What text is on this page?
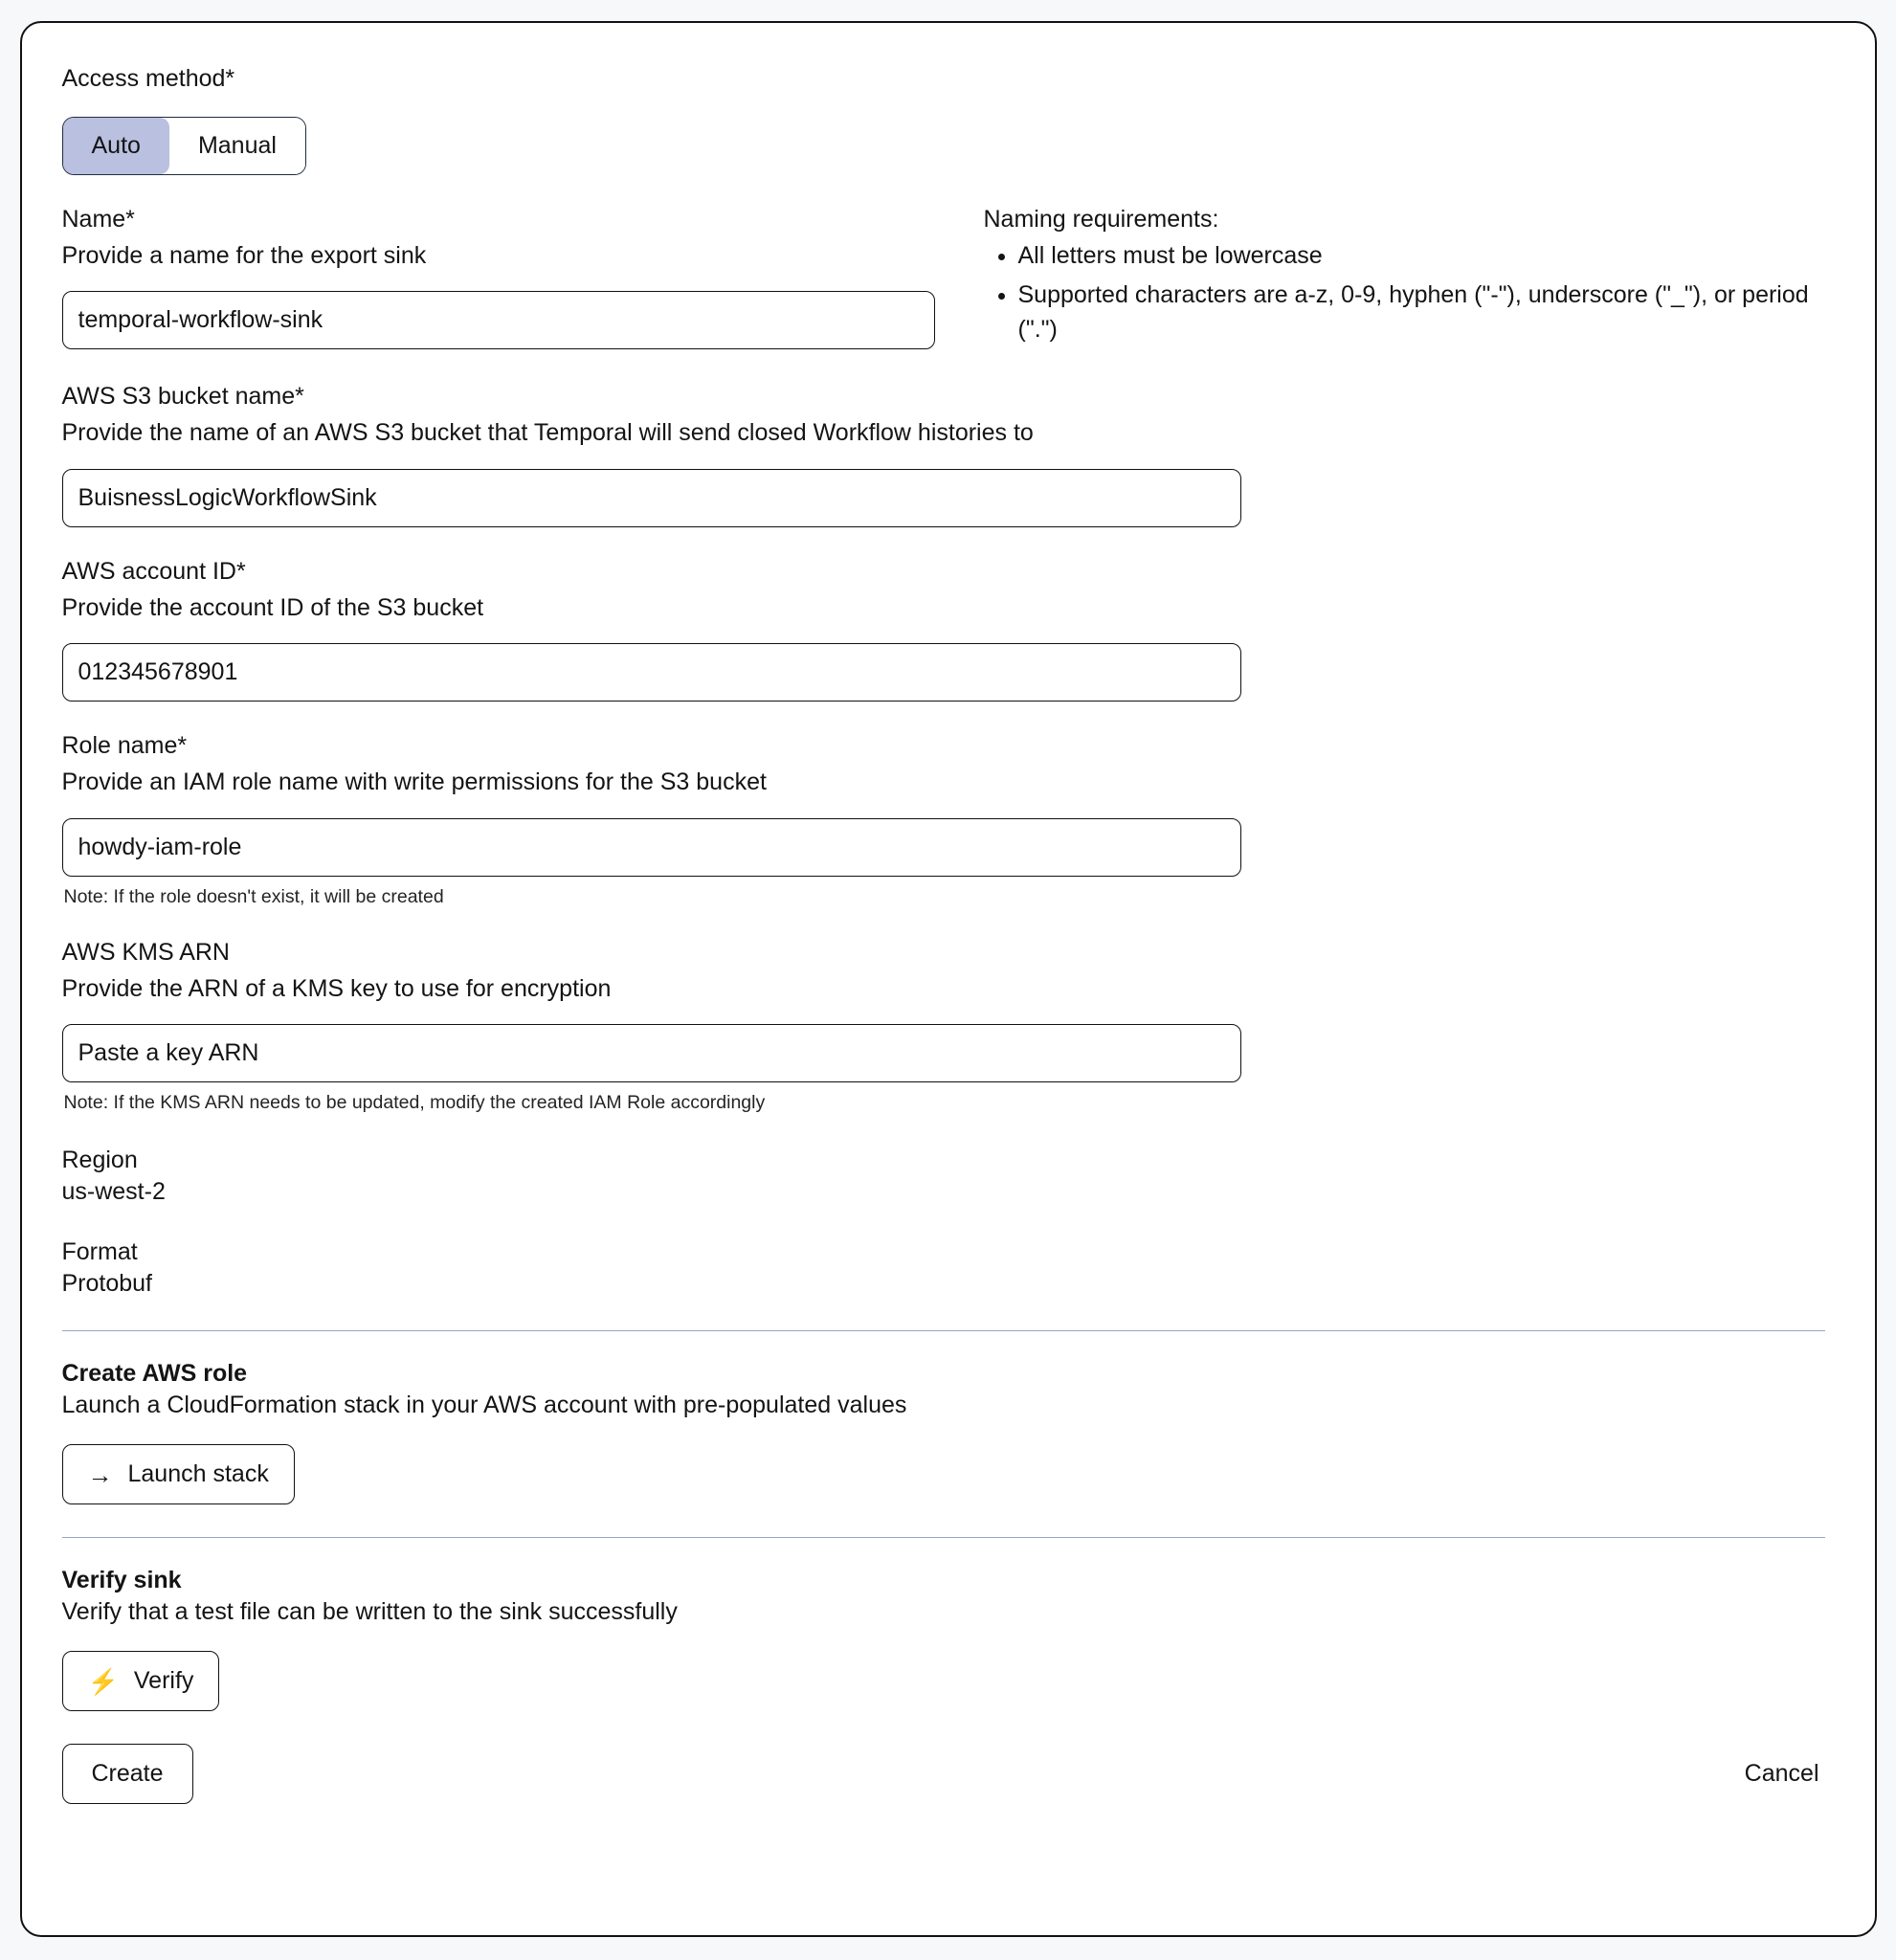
Access method*

Auto	Manual

Name*

Provide a name for the export sink

temporal-workflow-sink

Naming requirements:

• All letters must be lowercase
• Supported characters are a-z, 0-9, hyphen ("-"), underscore ("_"), or period (".")

AWS S3 bucket name*

Provide the name of an AWS S3 bucket that Temporal will send closed Workflow histories to

BuisnessLogicWorkflowSink

AWS account ID*

Provide the account ID of the S3 bucket

012345678901

Role name*

Provide an IAM role name with write permissions for the S3 bucket

howdy-iam-role

Note: If the role doesn't exist, it will be created

AWS KMS ARN

Provide the ARN of a KMS key to use for encryption

Paste a key ARN

Note: If the KMS ARN needs to be updated, modify the created IAM Role accordingly

Region
us-west-2
Format
Protobuf

Create AWS role

Launch a CloudFormation stack in your AWS account with pre-populated values

→ Launch stack

Verify sink

Verify that a test file can be written to the sink successfully

⚡ Verify
Create	Cancel
